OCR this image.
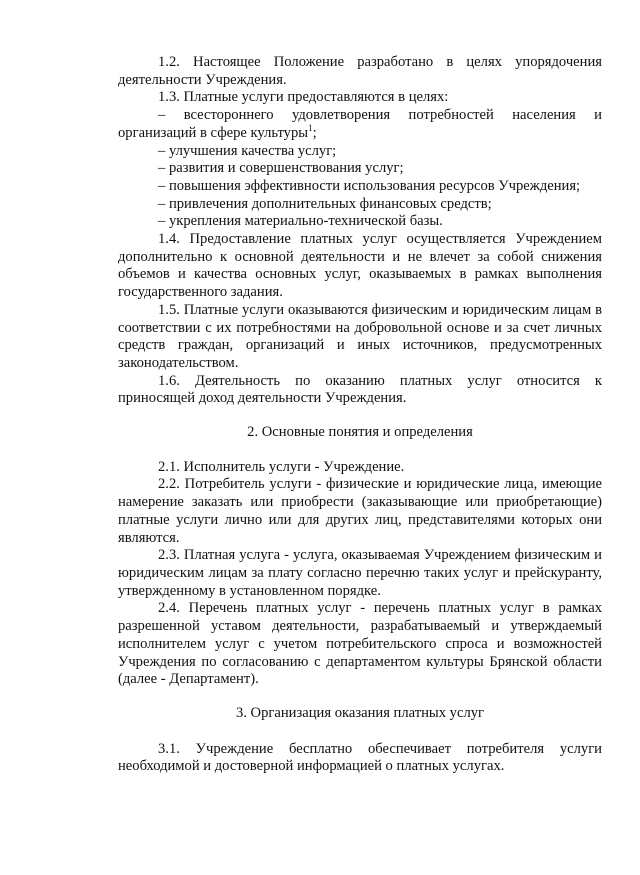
1.2. Настоящее Положение разработано в целях упорядочения деятельности Учреждения.

1.3. Платные услуги предоставляются в целях:

– всестороннего удовлетворения потребностей населения и организаций в сфере культуры$^1$;

– улучшения качества услуг;

– развития и совершенствования услуг;

– повышения эффективности использования ресурсов Учреждения;

– привлечения дополнительных финансовых средств;

– укрепления материально-технической базы.

1.4. Предоставление платных услуг осуществляется Учреждением дополнительно к основной деятельности и не влечет за собой снижения объемов и качества основных услуг, оказываемых в рамках выполнения государственного задания.

1.5. Платные услуги оказываются физическим и юридическим лицам в соответствии с их потребностями на добровольной основе и за счет личных средств граждан, организаций и иных источников, предусмотренных законодательством.

1.6. Деятельность по оказанию платных услуг относится к приносящей доход деятельности Учреждения.

2. Основные понятия и определения

2.1. Исполнитель услуги - Учреждение.

2.2. Потребитель услуги - физические и юридические лица, имеющие намерение заказать или приобрести (заказывающие или приобретающие) платные услуги лично или для других лиц, представителями которых они являются.

2.3. Платная услуга - услуга, оказываемая Учреждением физическим и юридическим лицам за плату согласно перечню таких услуг и прейскуранту, утвержденному в установленном порядке.

2.4. Перечень платных услуг - перечень платных услуг в рамках разрешенной уставом деятельности, разрабатываемый и утверждаемый исполнителем услуг с учетом потребительского спроса и возможностей Учреждения по согласованию с департаментом культуры Брянской области (далее - Департамент).

3. Организация оказания платных услуг

3.1. Учреждение бесплатно обеспечивает потребителя услуги необходимой и достоверной информацией о платных услугах.
